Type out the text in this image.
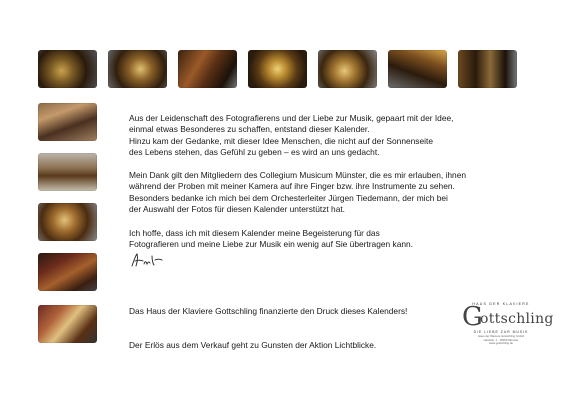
Aus der Leidenschaft des Fotografierens und der Liebe zur Musik, gepaart mit der Idee,
einmal etwas Besonderes zu schaffen, entstand dieser Kalender.
Hinzu kam der Gedanke, mit dieser Idee Menschen, die nicht auf der Sonnenseite
des Lebens stehen, das Gefühl zu geben – es wird an uns gedacht.

Mein Dank gilt den Mitgliedern des Collegium Musicum Münster, die es mir erlauben, ihnen
während der Proben mit meiner Kamera auf ihre Finger bzw. ihre Instrumente zu sehen.
Besonders bedanke ich mich bei dem Orchesterleiter Jürgen Tiedemann, der mich bei
der Auswahl der Fotos für diesen Kalender unterstützt hat.

Ich hoffe, dass ich mit diesem Kalender meine Begeisterung für das
Fotografieren und meine Liebe zur Musik ein wenig auf Sie übertragen kann.

Das Haus der Klaviere Gottschling finanzierte den Druck dieses Kalenders!

Der Erlös aus dem Verkauf geht zu Gunsten der Aktion Lichtblicke.

HAUS DER KLAVIERE
G
ottschling
DIE LIEBE ZUR MUSIK
Haus der Klaviere Gottschling GmbH
Hauptstr. 1 · 48000 Münster
www.gottschling.de
